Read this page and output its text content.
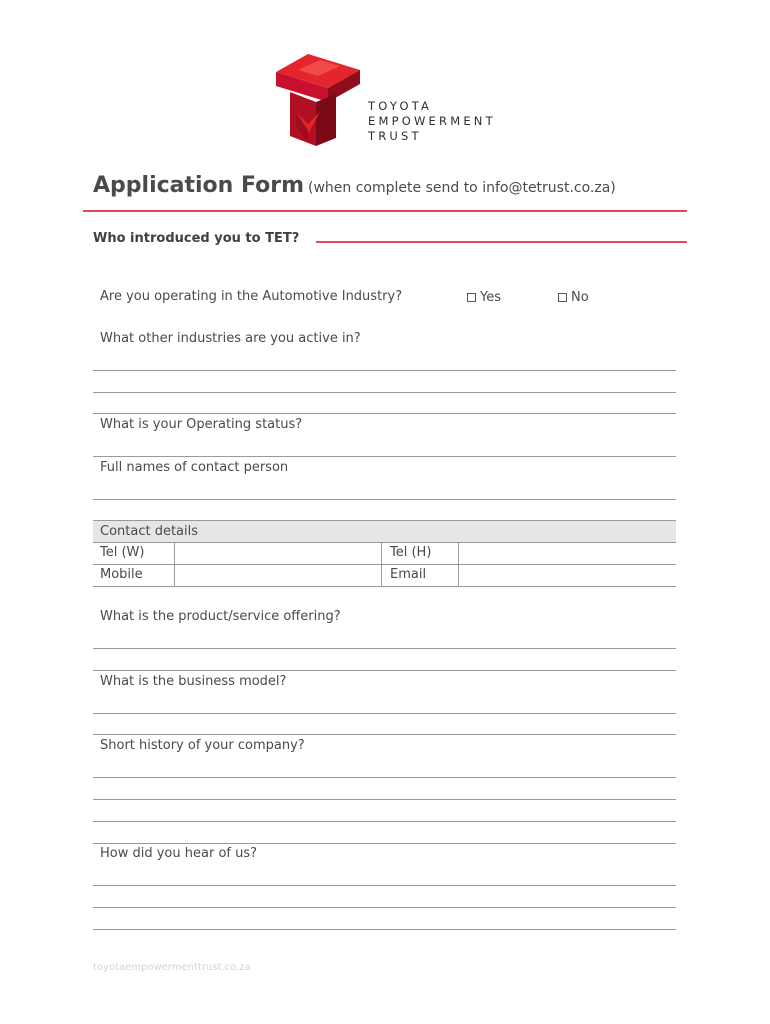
TOYOTA
EMPOWERMENT
TRUST
Application Form (when complete send to info@tetrust.co.za)
Who introduced you to TET?
Are you operating in the Automotive Industry?	Yes	No
What other industries are you active in?
What is your Operating status?
Full names of contact person
Contact details
Tel (W)	Tel (H)
Mobile	Email
What is the product/service offering?
What is the business model?
Short history of your company?
How did you hear of us?
toyotaempowermenttrust.co.za
